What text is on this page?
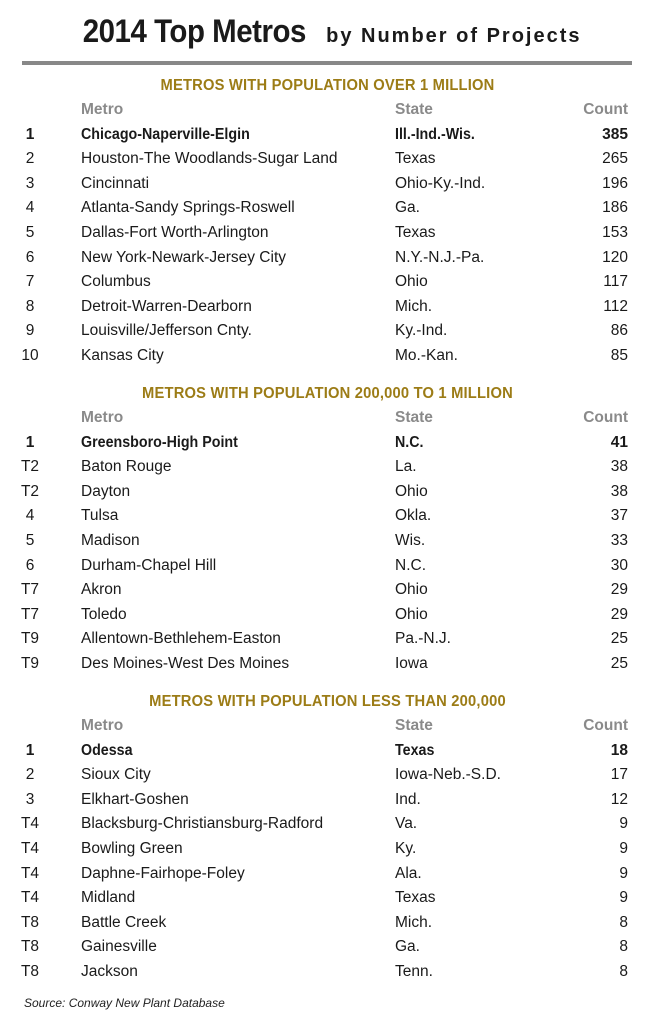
2014 Top Metros by Number of Projects
METROS WITH POPULATION OVER 1 MILLION
Metro	State	Count
1	Chicago-Naperville-Elgin	Ill.-Ind.-Wis.	385
2	Houston-The Woodlands-Sugar Land	Texas	265
3	Cincinnati	Ohio-Ky.-Ind.	196
4	Atlanta-Sandy Springs-Roswell	Ga.	186
5	Dallas-Fort Worth-Arlington	Texas	153
6	New York-Newark-Jersey City	N.Y.-N.J.-Pa.	120
7	Columbus	Ohio	117
8	Detroit-Warren-Dearborn	Mich.	112
9	Louisville/Jefferson Cnty.	Ky.-Ind.	86
10	Kansas City	Mo.-Kan.	85
METROS WITH POPULATION 200,000 TO 1 MILLION
Metro	State	Count
1	Greensboro-High Point	N.C.	41
T2	Baton Rouge	La.	38
T2	Dayton	Ohio	38
4	Tulsa	Okla.	37
5	Madison	Wis.	33
6	Durham-Chapel Hill	N.C.	30
T7	Akron	Ohio	29
T7	Toledo	Ohio	29
T9	Allentown-Bethlehem-Easton	Pa.-N.J.	25
T9	Des Moines-West Des Moines	Iowa	25
METROS WITH POPULATION LESS THAN 200,000
Metro	State	Count
1	Odessa	Texas	18
2	Sioux City	Iowa-Neb.-S.D.	17
3	Elkhart-Goshen	Ind.	12
T4	Blacksburg-Christiansburg-Radford	Va.	9
T4	Bowling Green	Ky.	9
T4	Daphne-Fairhope-Foley	Ala.	9
T4	Midland	Texas	9
T8	Battle Creek	Mich.	8
T8	Gainesville	Ga.	8
T8	Jackson	Tenn.	8
Source: Conway New Plant Database
